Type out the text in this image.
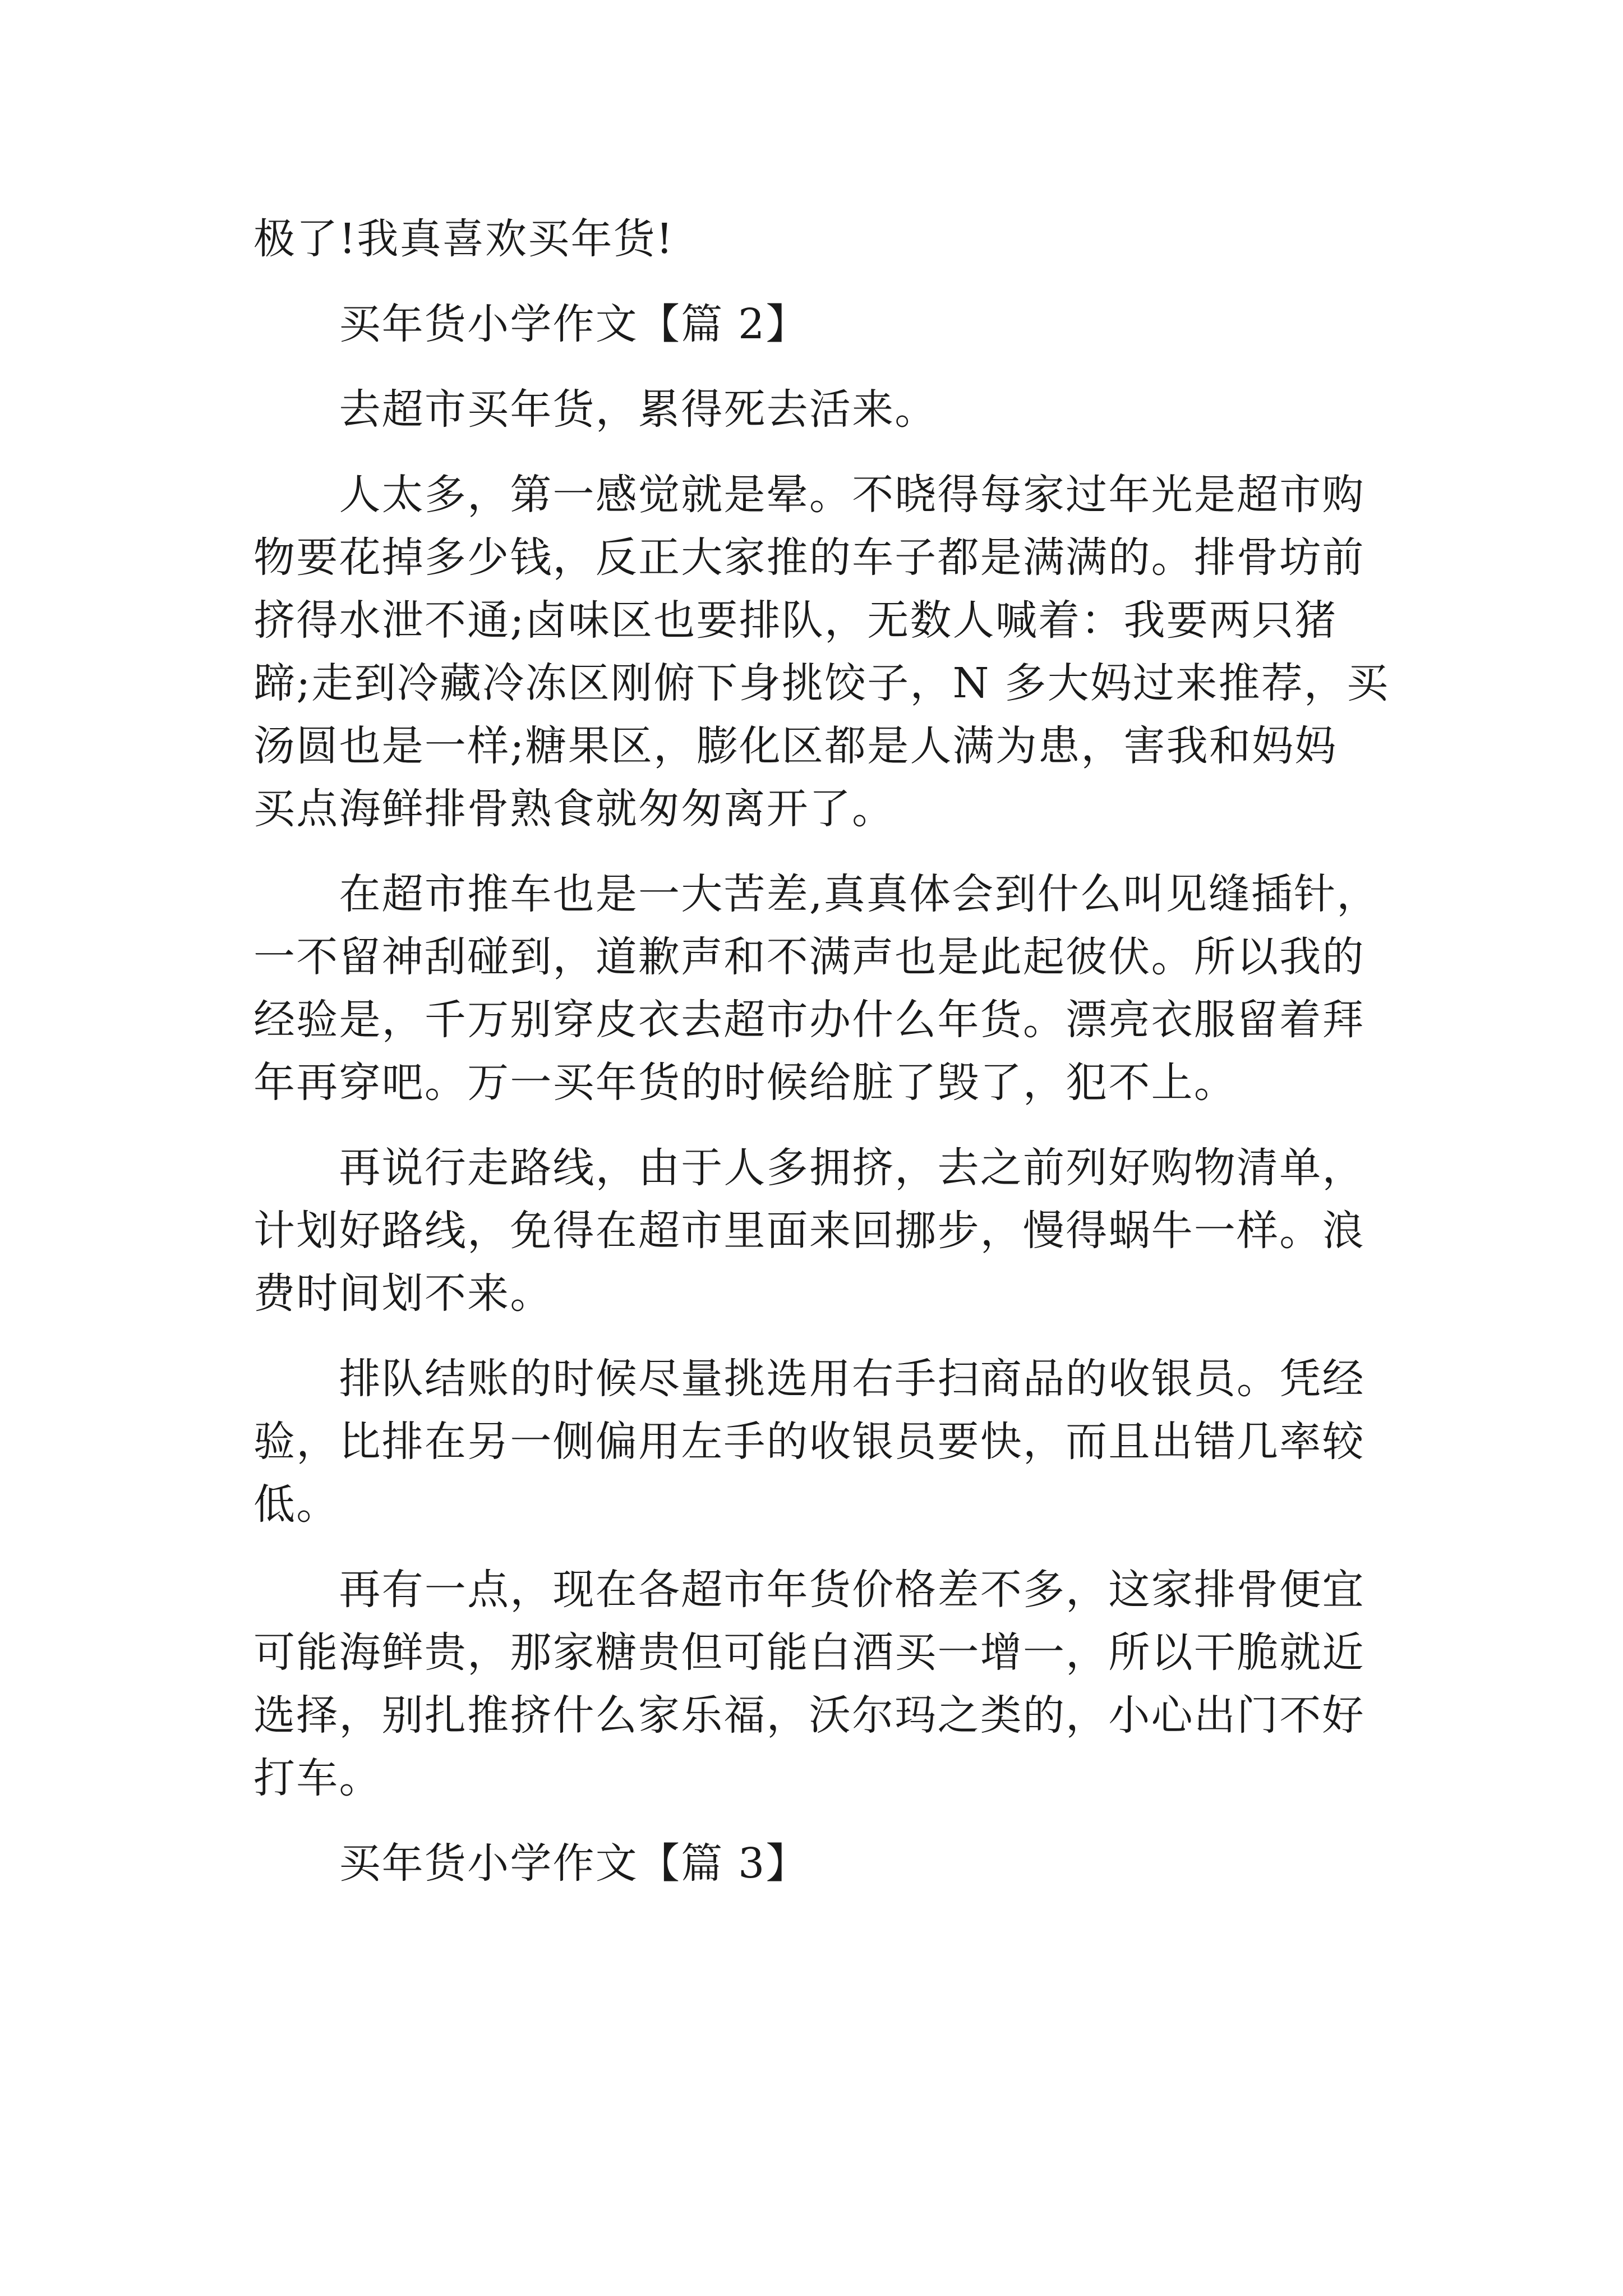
极了!我真喜欢买年货!
　　买年货小学作文【篇 2】
　　去超市买年货，累得死去活来。
　　人太多，第一感觉就是晕。不晓得每家过年光是超市购
物要花掉多少钱，反正大家推的车子都是满满的。排骨坊前
挤得水泄不通;卤味区也要排队，无数人喊着：我要两只猪
蹄;走到冷藏冷冻区刚俯下身挑饺子，N 多大妈过来推荐，买
汤圆也是一样;糖果区，膨化区都是人满为患，害我和妈妈
买点海鲜排骨熟食就匆匆离开了。
　　在超市推车也是一大苦差,真真体会到什么叫见缝插针，
一不留神刮碰到，道歉声和不满声也是此起彼伏。所以我的
经验是，千万别穿皮衣去超市办什么年货。漂亮衣服留着拜
年再穿吧。万一买年货的时候给脏了毁了，犯不上。
　　再说行走路线，由于人多拥挤，去之前列好购物清单，
计划好路线，免得在超市里面来回挪步，慢得蜗牛一样。浪
费时间划不来。
　　排队结账的时候尽量挑选用右手扫商品的收银员。凭经
验，比排在另一侧偏用左手的收银员要快，而且出错几率较
低。
　　再有一点，现在各超市年货价格差不多，这家排骨便宜
可能海鲜贵，那家糖贵但可能白酒买一增一，所以干脆就近
选择，别扎推挤什么家乐福，沃尔玛之类的，小心出门不好
打车。
　　买年货小学作文【篇 3】
